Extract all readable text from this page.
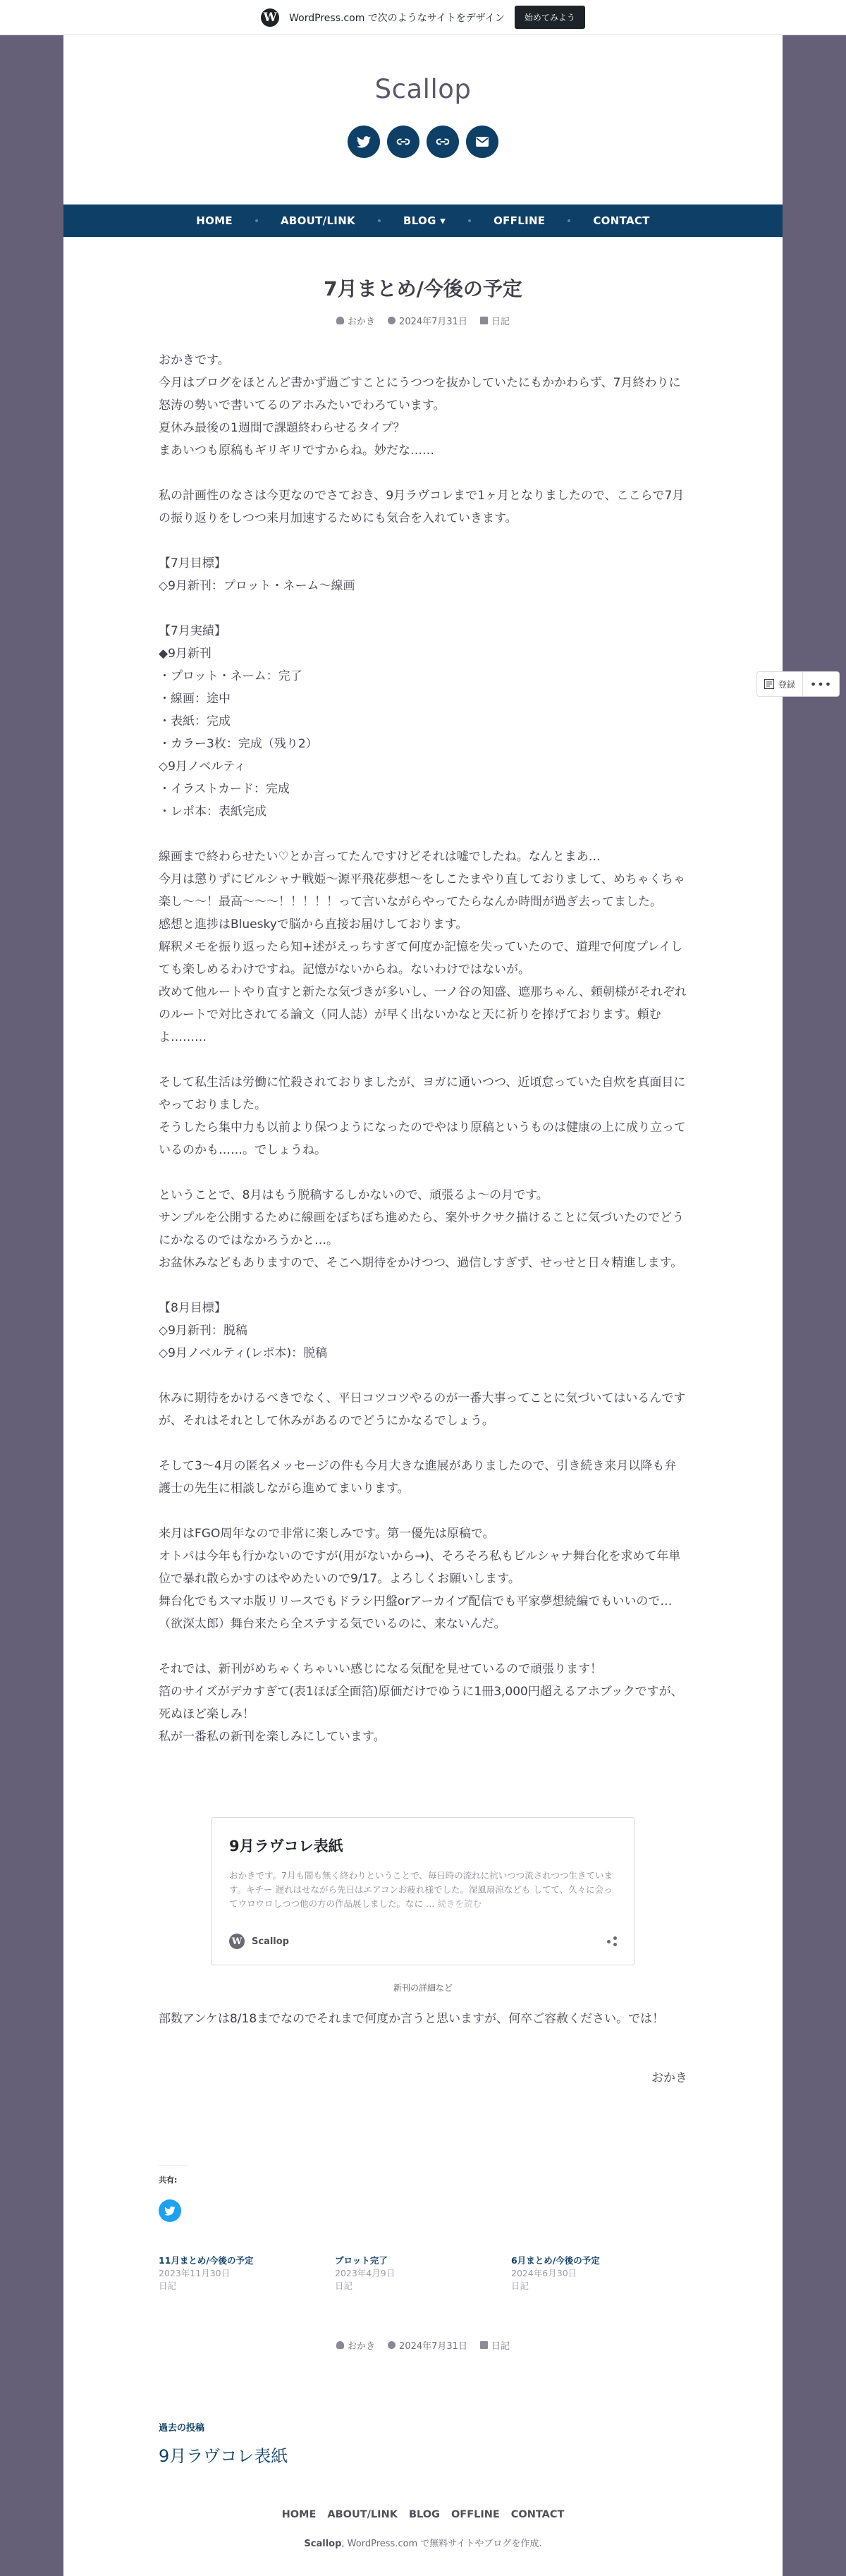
W WordPress.com で次のようなサイトをデザイン	始めてみよう
Scallop
HOME	ABOUT/LINK	BLOG ▾	OFFLINE	CONTACT
7月まとめ/今後の予定
おかき	2024年7月31日	日記

おかきです。
今月はブログをほとんど書かず過ごすことにうつつを抜かしていたにもかかわらず、7月終わりに怒涛の勢いで書いてるのアホみたいでわろています。
夏休み最後の1週間で課題終わらせるタイプ？
まあいつも原稿もギリギリですからね。妙だな……

私の計画性のなさは今更なのでさておき、9月ラヴコレまで1ヶ月となりましたので、ここらで7月の振り返りをしつつ来月加速するためにも気合を入れていきます。

【7月目標】
◇9月新刊：プロット・ネーム〜線画

【7月実績】
◆9月新刊
・プロット・ネーム：完了
・線画：途中
・表紙：完成
・カラー3枚：完成（残り2）
◇9月ノベルティ
・イラストカード：完成
・レポ本：表紙完成

線画まで終わらせたい♡とか言ってたんですけどそれは嘘でしたね。なんとまあ…
今月は懲りずにビルシャナ戦姫〜源平飛花夢想〜をしこたまやり直しておりまして、めちゃくちゃ楽し〜〜！最高〜〜〜！！！！！って言いながらやってたらなんか時間が過ぎ去ってました。
感想と進捗はBlueskyで脳から直接お届けしております。
解釈メモを振り返ったら知+述がえっちすぎて何度か記憶を失っていたので、道理で何度プレイしても楽しめるわけですね。記憶がないからね。ないわけではないが。
改めて他ルートやり直すと新たな気づきが多いし、一ノ谷の知盛、遮那ちゃん、頼朝様がそれぞれのルートで対比されてる論文（同人誌）が早く出ないかなと天に祈りを捧げております。頼むよ………

そして私生活は労働に忙殺されておりましたが、ヨガに通いつつ、近頃怠っていた自炊を真面目にやっておりました。
そうしたら集中力も以前より保つようになったのでやはり原稿というものは健康の上に成り立っているのかも……。でしょうね。

ということで、8月はもう脱稿するしかないので、頑張るよ〜の月です。
サンプルを公開するために線画をぼちぼち進めたら、案外サクサク描けることに気づいたのでどうにかなるのではなかろうかと…。
お盆休みなどもありますので、そこへ期待をかけつつ、過信しすぎず、せっせと日々精進します。

【8月目標】
◇9月新刊：脱稿
◇9月ノベルティ(レポ本)：脱稿

休みに期待をかけるべきでなく、平日コツコツやるのが一番大事ってことに気づいてはいるんですが、それはそれとして休みがあるのでどうにかなるでしょう。

そして3〜4月の匿名メッセージの件も今月大きな進展がありましたので、引き続き来月以降も弁護士の先生に相談しながら進めてまいります。

来月はFGO周年なので非常に楽しみです。第一優先は原稿で。
オトパは今年も行かないのですが(用がないから→)、そろそろ私もビルシャナ舞台化を求めて年単位で暴れ散らかすのはやめたいので9/17。よろしくお願いします。
舞台化でもスマホ版リリースでもドラシ円盤orアーカイブ配信でも平家夢想続編でもいいので…（欲深太郎）舞台来たら全ステする気でいるのに、来ないんだ。

それでは、新刊がめちゃくちゃいい感じになる気配を見せているので頑張ります！
箔のサイズがデカすぎて(表1ほぼ全面箔)原価だけでゆうに1冊3,000円超えるアホブックですが、死ぬほど楽しみ！
私が一番私の新刊を楽しみにしています。

9月ラヴコレ表紙
おかきです。7月も間も無く終わりということで、毎日時の流れに抗いつつ流されつつ生きています。キチー 遅れはせながら先日はエアコンお疲れ様でした。湿風扇涼なども してて、久々に会ってウロウロしつつ他の方の作品展しました。なに … 続きを読む
W Scallop
新刊の詳細など

部数アンケは8/18までなのでそれまで何度か言うと思いますが、何卒ご容赦ください。では！

おかき
共有:
11月まとめ/今後の予定
2023年11月30日
日記
プロット完了
2023年4月9日
日記
6月まとめ/今後の予定
2024年6月30日
日記
おかき	2024年7月31日	日記
過去の投稿
9月ラヴコレ表紙
HOME ABOUT/LINK BLOG OFFLINE CONTACT
Scallop, WordPress.com で無料サイトやブログを作成.
登録	•••
